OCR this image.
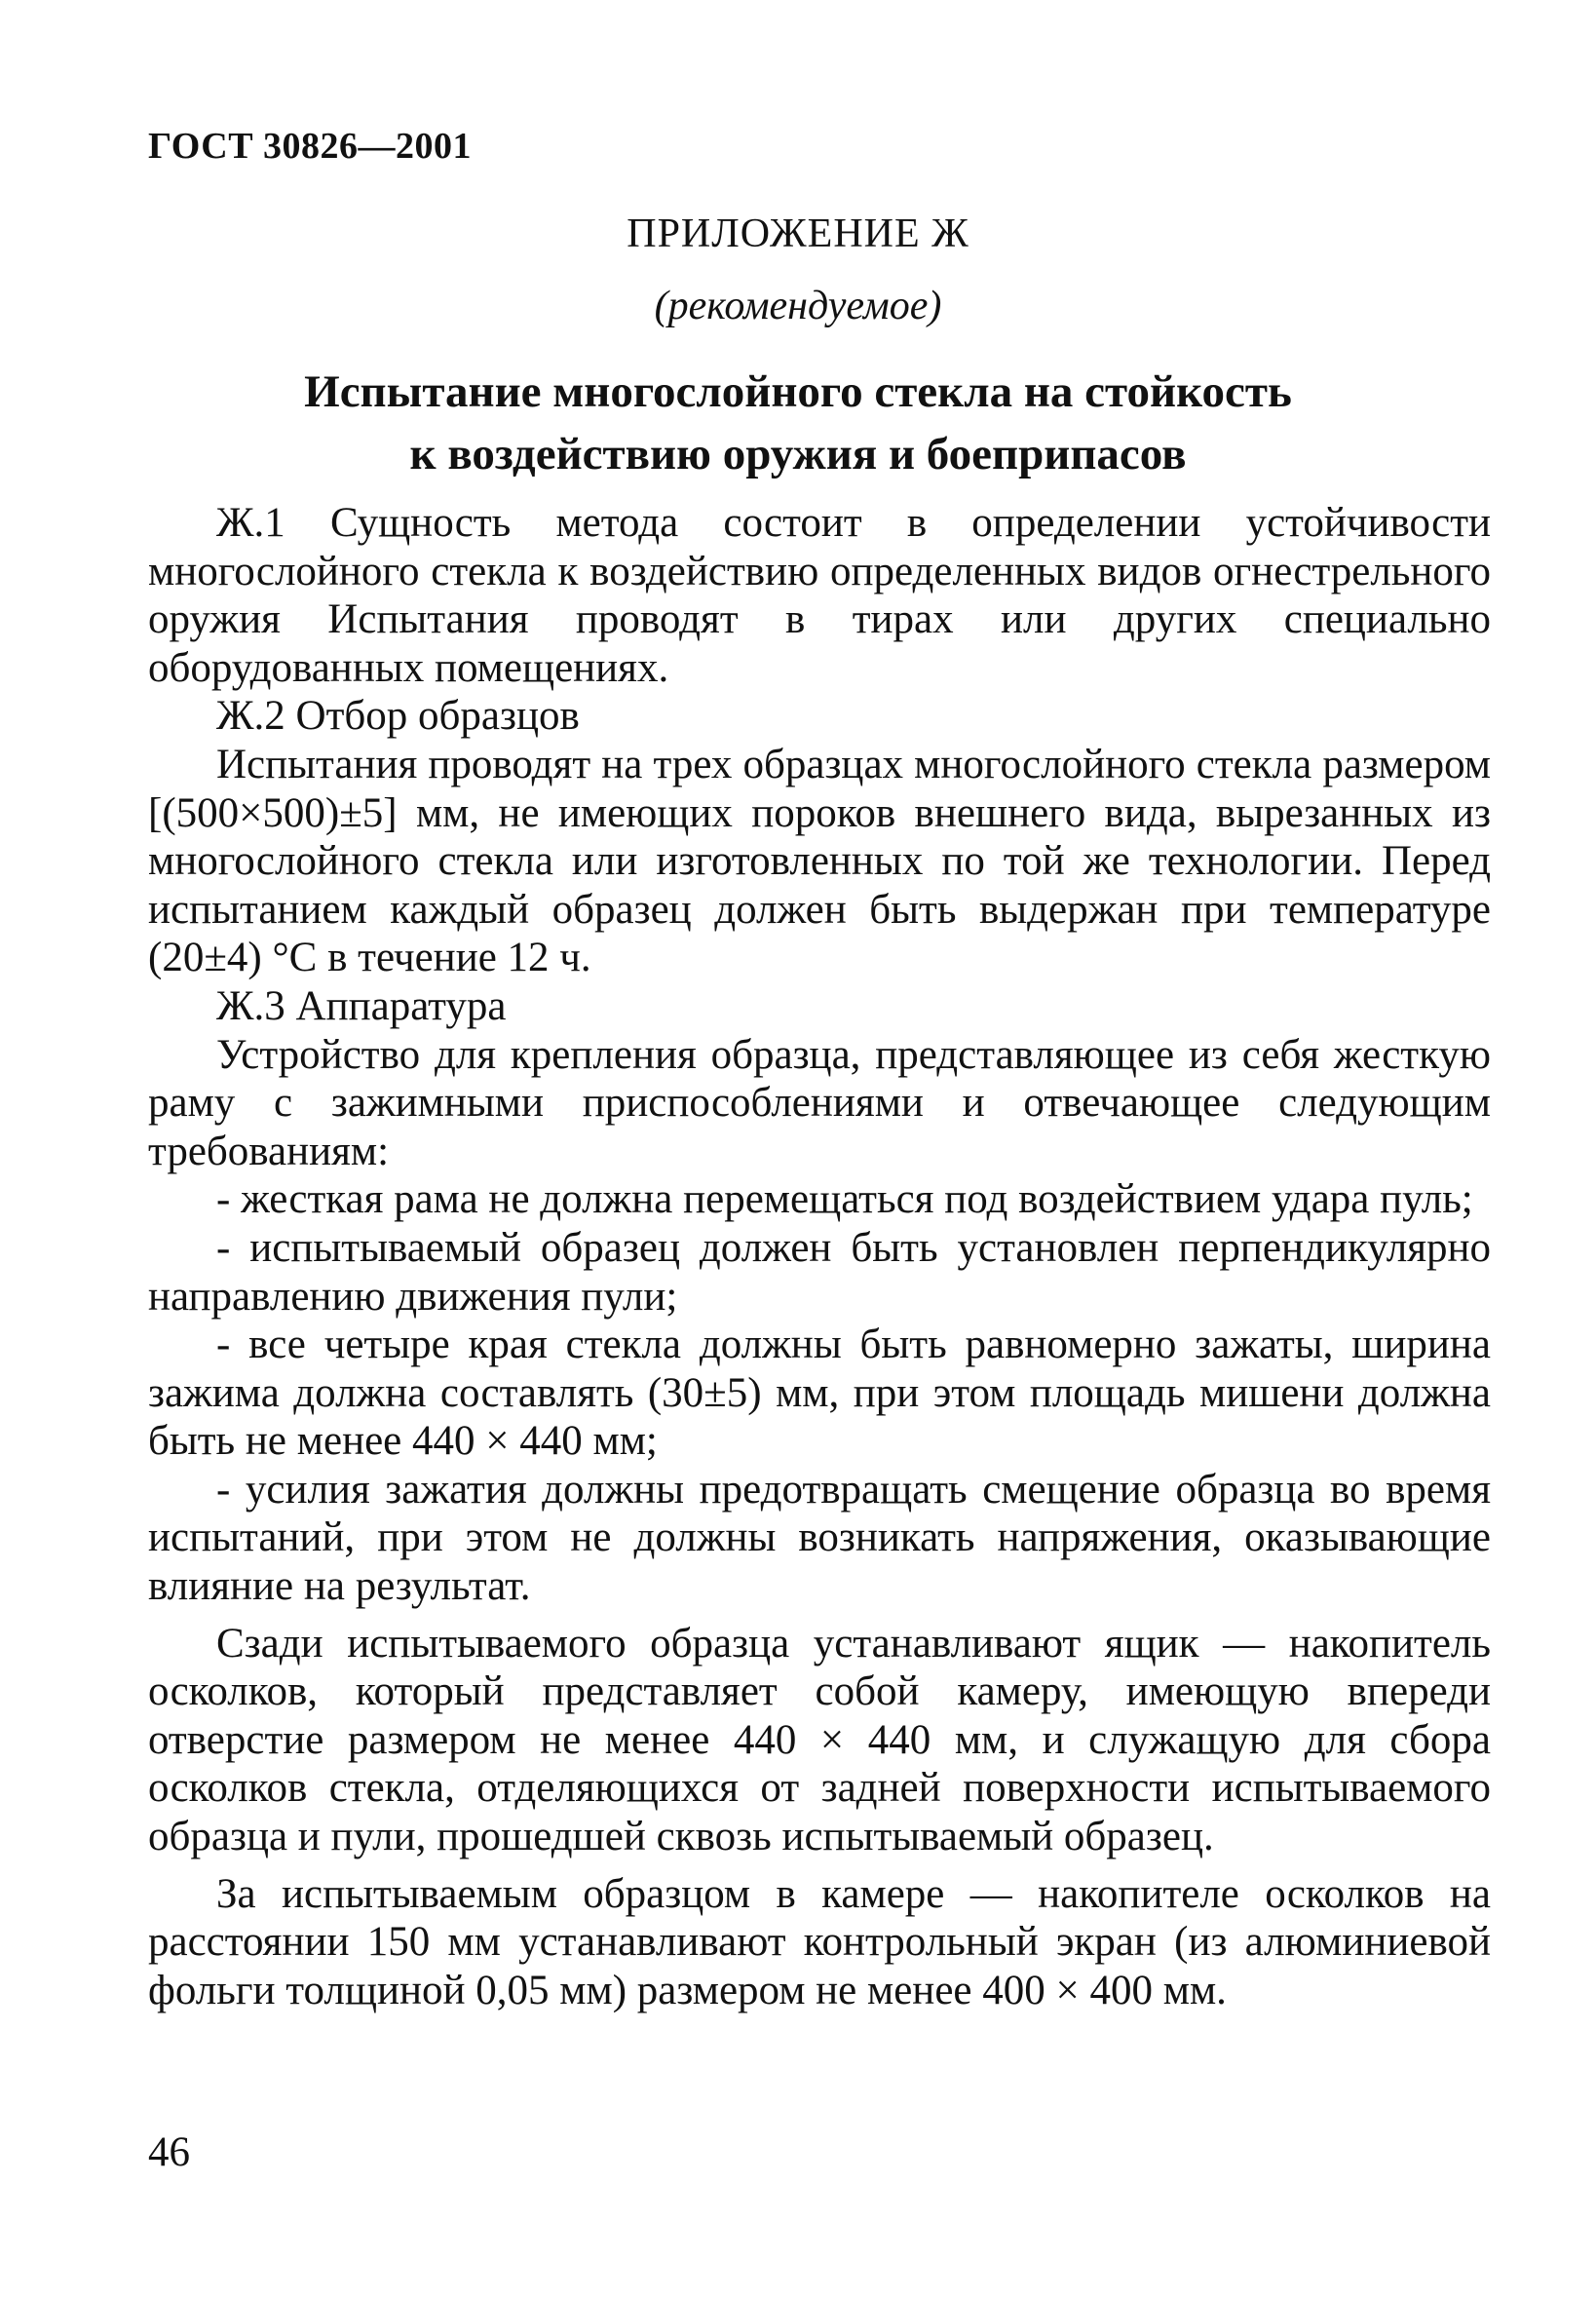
ГОСТ 30826—2001
ПРИЛОЖЕНИЕ Ж
(рекомендуемое)
Испытание многослойного стекла на стойкость
к воздействию оружия и боеприпасов

Ж.1 Сущность метода состоит в определении устойчивости многослойного стекла к воздействию определенных видов огнестрельного оружия Испытания проводят в тирах или других специально оборудованных помещениях.

Ж.2 Отбор образцов

Испытания проводят на трех образцах многослойного стекла размером [(500×500)±5] мм, не имеющих пороков внешнего вида, вырезанных из многослойного стекла или изготовленных по той же технологии. Перед испытанием каждый образец должен быть выдержан при температуре (20±4) °С в течение 12 ч.

Ж.3 Аппаратура

Устройство для крепления образца, представляющее из себя жесткую раму с зажимными приспособлениями и отвечающее следующим требованиям:

- жесткая рама не должна перемещаться под воздействием удара пуль;

- испытываемый образец должен быть установлен перпендикулярно направлению движения пули;

- все четыре края стекла должны быть равномерно зажаты, ширина зажима должна составлять (30±5) мм, при этом площадь мишени должна быть не менее 440 × 440 мм;

- усилия зажатия должны предотвращать смещение образца во время испытаний, при этом не должны возникать напряжения, оказывающие влияние на результат.

Сзади испытываемого образца устанавливают ящик — накопитель осколков, который представляет собой камеру, имеющую впереди отверстие размером не менее 440 × 440 мм, и служащую для сбора осколков стекла, отделяющихся от задней поверхности испытываемого образца и пули, прошедшей сквозь испытываемый образец.

За испытываемым образцом в камере — накопителе осколков на расстоянии 150 мм устанавливают контрольный экран (из алюминиевой фольги толщиной 0,05 мм) размером не менее 400 × 400 мм.

46
